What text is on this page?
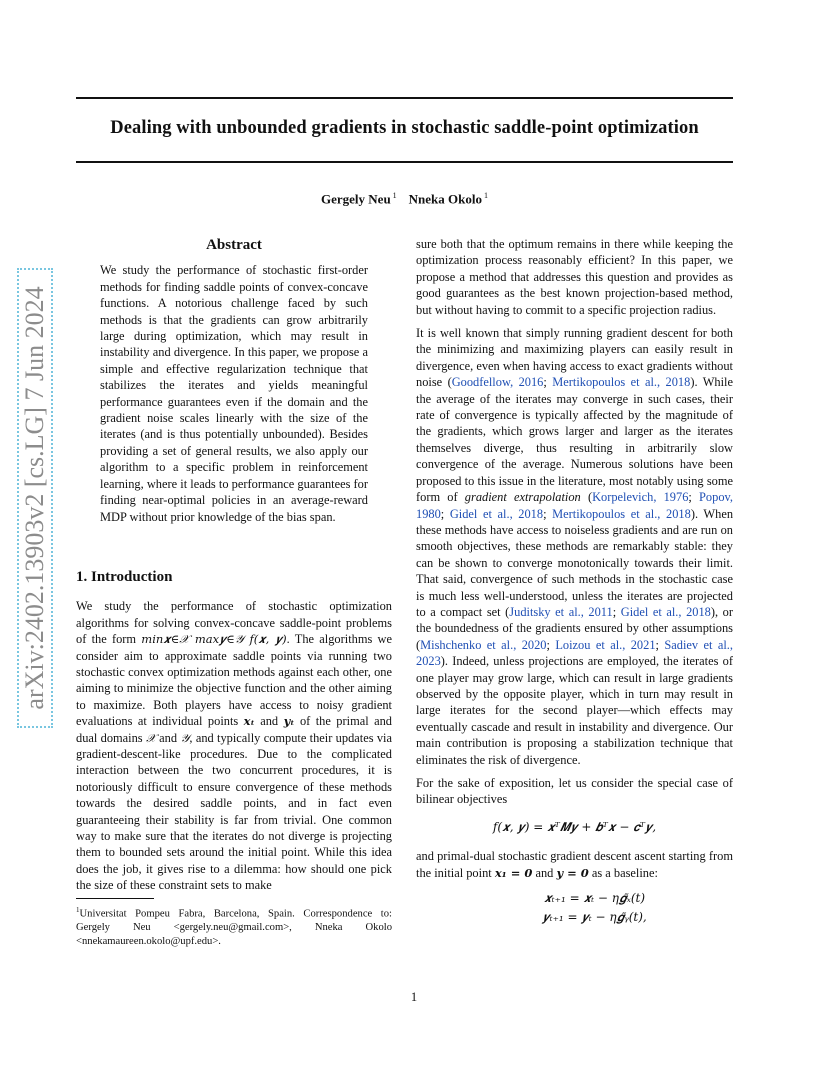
Dealing with unbounded gradients in stochastic saddle-point optimization
Gergely Neu $^1$ Nneka Okolo $^1$
arXiv:2402.13903v2 [cs.LG] 7 Jun 2024
Abstract
We study the performance of stochastic first-order methods for finding saddle points of convex-concave functions. A notorious challenge faced by such methods is that the gradients can grow arbitrarily large during optimization, which may result in instability and divergence. In this paper, we propose a simple and effective regularization technique that stabilizes the iterates and yields meaningful performance guarantees even if the domain and the gradient noise scales linearly with the size of the iterates (and is thus potentially unbounded). Besides providing a set of general results, we also apply our algorithm to a specific problem in reinforcement learning, where it leads to performance guarantees for finding near-optimal policies in an average-reward MDP without prior knowledge of the bias span.
1. Introduction

We study the performance of stochastic optimization algorithms for solving convex-concave saddle-point problems of the form min𝒙∈𝒳 max𝒚∈𝒴 f(𝒙, 𝒚). The algorithms we consider aim to approximate saddle points via running two stochastic convex optimization methods against each other, one aiming to minimize the objective function and the other aiming to maximize. Both players have access to noisy gradient evaluations at individual points 𝒙ₜ and 𝒚ₜ of the primal and dual domains 𝒳 and 𝒴, and typically compute their updates via gradient-descent-like procedures. Due to the complicated interaction between the two concurrent procedures, it is notoriously difficult to ensure convergence of these methods towards the desired saddle points, and in fact even guaranteeing their stability is far from trivial. One common way to make sure that the iterates do not diverge is projecting them to bounded sets around the initial point. While this idea does the job, it gives rise to a dilemma: how should one pick the size of these constraint sets to make

sure both that the optimum remains in there while keeping the optimization process reasonably efficient? In this paper, we propose a method that addresses this question and provides as good guarantees as the best known projection-based method, but without having to commit to a specific projection radius.

It is well known that simply running gradient descent for both the minimizing and maximizing players can easily result in divergence, even when having access to exact gradients without noise (Goodfellow, 2016; Mertikopoulos et al., 2018). While the average of the iterates may converge in such cases, their rate of convergence is typically affected by the magnitude of the gradients, which grows larger and larger as the iterates themselves diverge, thus resulting in arbitrarily slow convergence of the average. Numerous solutions have been proposed to this issue in the literature, most notably using some form of gradient extrapolation (Korpelevich, 1976; Popov, 1980; Gidel et al., 2018; Mertikopoulos et al., 2018). When these methods have access to noiseless gradients and are run on smooth objectives, these methods are remarkably stable: they can be shown to converge monotonically towards their limit. That said, convergence of such methods in the stochastic case is much less well-understood, unless the iterates are projected to a compact set (Juditsky et al., 2011; Gidel et al., 2018), or the boundedness of the gradients ensured by other assumptions (Mishchenko et al., 2020; Loizou et al., 2021; Sadiev et al., 2023). Indeed, unless projections are employed, the iterates of one player may grow large, which can result in large gradients observed by the opposite player, which in turn may result in large iterates for the second player—which effects may eventually cascade and result in instability and divergence. Our main contribution is proposing a stabilization technique that eliminates the risk of divergence.

For the sake of exposition, let us consider the special case of bilinear objectives

f(𝒙, 𝒚) = 𝒙ᵀ𝑴𝒚 + 𝒃ᵀ𝒙 − 𝒄ᵀ𝒚,

and primal-dual stochastic gradient descent ascent starting from the initial point 𝒙₁ = 0 and 𝒚 = 0 as a baseline:

𝒙ₜ₊₁ = 𝒙ₜ − η𝒈̃ₓ(t)
𝒚ₜ₊₁ = 𝒚ₜ − η𝒈̃ᵧ(t),
$^1$Universitat Pompeu Fabra, Barcelona, Spain. Correspondence to: Gergely Neu <gergely.neu@gmail.com>, Nneka Okolo <nnekamaureen.okolo@upf.edu>.
1
